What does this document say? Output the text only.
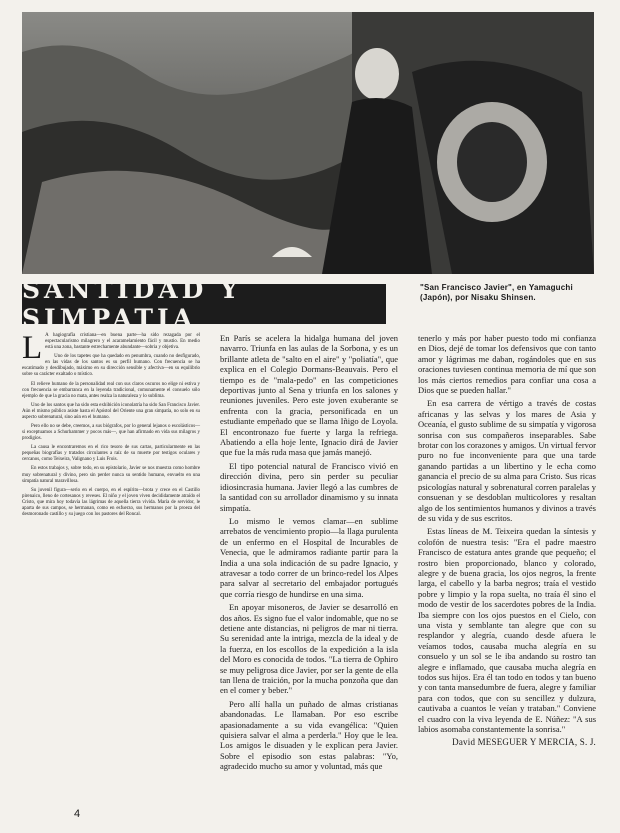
SANTIDAD Y SIMPATIA
"San Francisco Javier", en Yamaguchi (Japón), por Nisaku Shinsen.

L A hagiografía cristiana—en buena parte—ha sido rezagada por el espectacularismo milagrero y el acaramelamiento fácil y mustio. En medio está una zona, bastante estrechamente abundante—sobria y objetiva.

Uno de los tapetes que ha quedado en penumbra, cuando no desfigurado, en las vidas de los santos es su perfil humano. Con frecuencia se ha escatimado y desdibujado, máximo en su dirección sensible y afectiva—en su equilibrio sobre su carácter exaltado o místico.

El relieve humano de la personalidad real con sus claros oscuros no elige ni estiva y con frecuencia se embarranca en la leyenda tradicional, comunamente el consuelo sólo ejemplo de que la gracia no mata, antes realza la naturaleza y lo sublima.

Uno de los santos que ha sido esta exhibición iconolatría ha sido San Francisco Javier. Aún el mismo público asiste hasta el Apóstol del Oriente una gran simpatía, no solo en su aspecto sobrenatural, sino aún en el humano.

Pero ello no se debe, creemos, a sus biógrafos, por lo general lejanos o escolásticos—si exceptuamos a Schurhammer y pocos más—, que han afirmado en vida sus milagros y prodigios.

La causa le encontraremos en el rico tesoro de sus cartas, particularmente en las pequeñas biografías y tratados circulantes a raíz de su muerte por testigos oculares y cercanos, como Teixeira, Valignano y Luis Frois.

En estos trabajos y, sobre todo, en su epistolario, Javier se nos muestra como hombre muy sobrenatural y divino, pero sin perder nunca su sentido humano, envuelto en una simpatía natural maravillosa.

Su juvenil figura—serio en el cuerpo, en el espíritu—brota y crece en el Castillo pirenaico, lleno de cortesanos y reveses. El niño y el joven viven decididamente atraído el Cristo, que mira hoy todavía las lágrimas de aquella tierra vivida. María de servidor, le aparta de sus campos, se hermanan, como en esfuerzo, sus hermanos por la proeza del desmoronado castillo y su juego con los pastores del Roncal.

En París se acelera la hidalga humana del joven navarro. Triunfa en las aulas de la Sorbona, y es un brillante atleta de "salto en el aire" y "poliatía", que explica en el Colegio Dormans-Beauvais. Pero el tiempo es de "mala-pedo" en las competiciones deportivas junto al Sena y triunfa en los salones y reuniones juveniles. Pero este joven exuberante se enfrenta con la gracia, personificada en un estudiante empeñado que se llama Iñigo de Loyola. El encontronazo fue fuerte y larga la refriega. Abatiendo a ella hoje lente, Ignacio dirá de Javier que fue la más ruda masa que jamás manejó.

El tipo potencial natural de Francisco vivió en dirección divina, pero sin perder su peculiar idiosincrasia humana. Javier llegó a las cumbres de la santidad con su arrollador dinamismo y su innata simpatía.

Lo mismo le vemos clamar—en sublime arrebatos de vencimiento propio—la llaga purulenta de un enfermo en el Hospital de Incurables de Venecia, que le admiramos radiante partir para la India a una sola indicación de su padre Ignacio, y atravesar a todo correr de un brinco-redel los Alpes para salvar al secretario del embajador portugués que corría riesgo de hundirse en una sima.

En apoyar misoneros, de Javier se desarrolló en dos años. Es signo fue el valor indomable, que no se detiene ante distancias, ni peligros de mar ni tierra. Su serenidad ante la intriga, mezcla de la ideal y de la fuerza, en los escollos de la expedición a la isla del Moro es conocida de todos. "La tierra de Ophiro se muy peligrosa dice Javier, por ser la gente de ella tan llena de traición, por la mucha ponzoña que dan en el comer y beber."

Pero allí halla un puñado de almas cristianas abandonadas. Le llamaban. Por eso escribe apasionadamente a su vida evangélica: "Quien quisiera salvar el alma a perderla." Hoy que le lea. Los amigos le disuaden y le explican pera Javier. Sobre el episodio son estas palabras: "Yo, agradecido mucho su amor y voluntad, más que

tenerlo y más por haber puesto todo mi confianza en Dios, dejé de tomar los defensivos que con tanto amor y lágrimas me daban, rogándoles que en sus oraciones tuviesen continua memoria de mí que son los más ciertos remedios para confiar una cosa a Dios que se pueden hallar."

En esa carrera de vértigo a través de costas africanas y las selvas y los mares de Asia y Oceanía, el gusto sublime de su simpatía y vigorosa sonrisa con sus compañeros inseparables. Sabe brotar con los corazones y amigos. Un virtual fervor puro no fue inconveniente para que una tarde ganando partidas a un libertino y le echa como ganancia el precio de su alma para Cristo. Sus ricas psicologías natural y sobrenatural corren paralelas y consuenan y se desdoblan multicolores y resaltan algo de los sentimientos humanos y divinos a través de su vida y de sus escritos.

Estas líneas de M. Teixeira quedan la síntesis y colofón de nuestra tesis: "Era el padre maestro Francisco de estatura antes grande que pequeño; el rostro bien proporcionado, blanco y colorado, alegre y de buena gracia, los ojos negros, la frente larga, el cabello y la barba negros; traía el vestido pobre y limpio y la ropa suelta, no traía él sino el modo de vestir de los sacerdotes pobres de la India. Iba siempre con los ojos puestos en el Cielo, con una vista y semblante tan alegre que con su resplandor y alegría, cuando desde afuera le veíamos todos, causaba mucha alegría en su consuelo y un sol se le iba andando su rostro tan alegre e inflamado, que causaba mucha alegría en todos sus hijos. Era él tan todo en todos y tan bueno y con tanta mansedumbre de fuera, alegre y familiar para con todos, que con su sencillez y dulzura, cautivaba a cuantos le veían y trataban." Conviene el cuadro con la viva leyenda de E. Núñez: "A sus labios asomaba constantemente la sonrisa."

David MESEGUER Y MERCIA, S. J.
4
